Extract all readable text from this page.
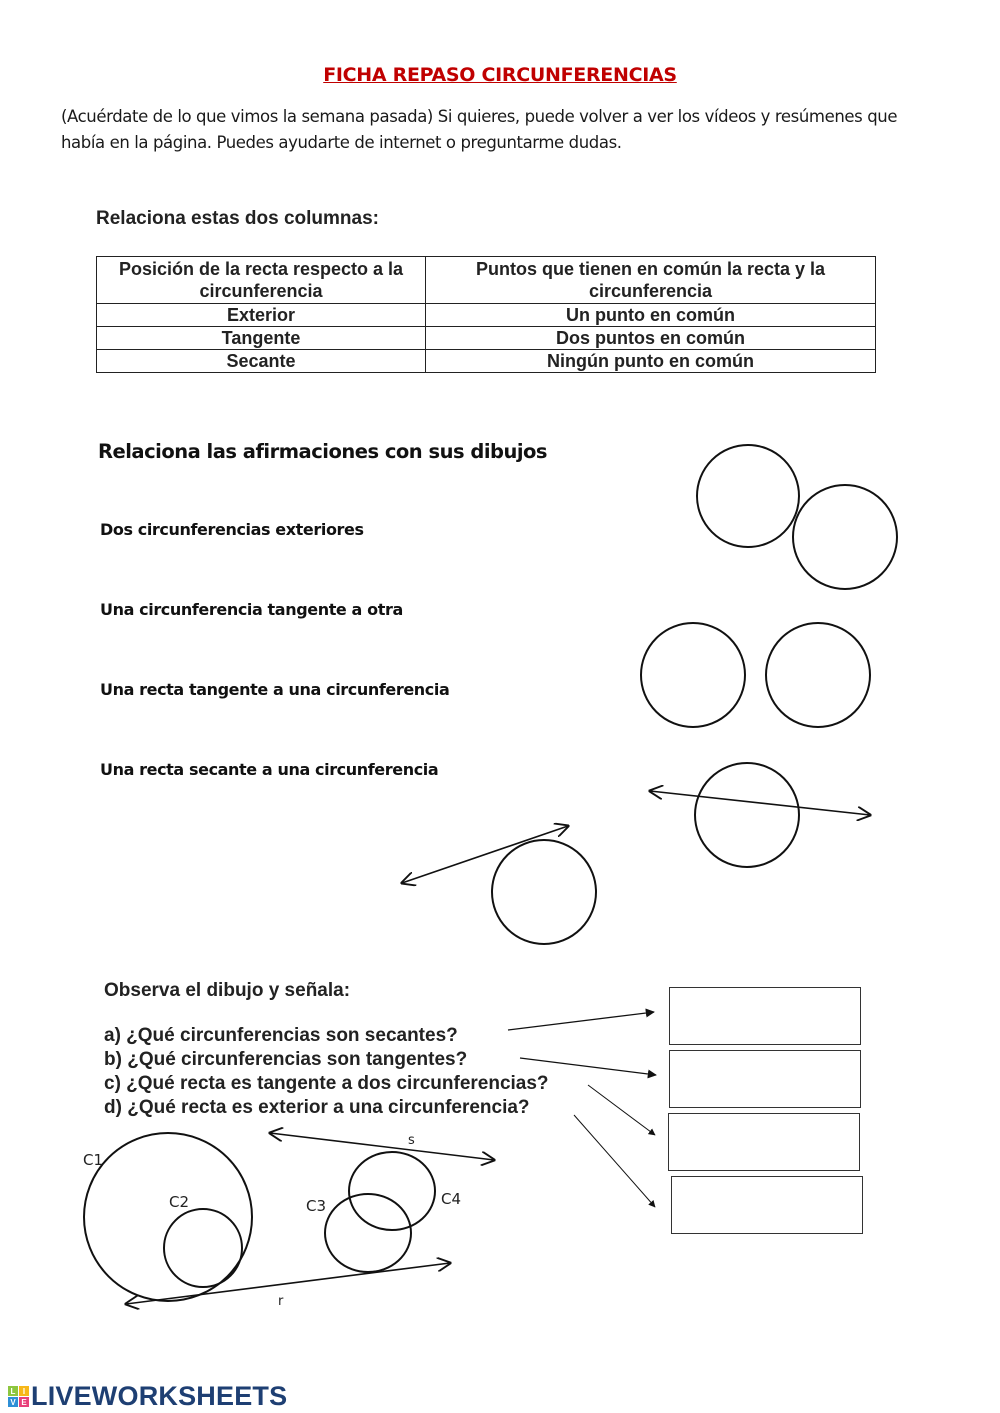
FICHA REPASO CIRCUNFERENCIAS
(Acuérdate de lo que vimos la semana pasada) Si quieres, puede volver a ver los vídeos y resúmenes que había en la página. Puedes ayudarte de internet o preguntarme dudas.
Relaciona estas dos columnas:
Posición de la recta respecto a la circunferencia	Puntos que tienen en común la recta y la circunferencia
Exterior	Un punto en común
Tangente	Dos puntos en común
Secante	Ningún punto en común
Relaciona las afirmaciones con sus dibujos
Dos circunferencias exteriores
Una circunferencia tangente a otra
Una recta tangente a una circunferencia
Una recta secante a una circunferencia
Observa el dibujo y señala:
a) ¿Qué circunferencias son secantes?
b) ¿Qué circunferencias son tangentes?
c) ¿Qué recta es tangente a dos circunferencias?
d) ¿Qué recta es exterior a una circunferencia?
C1
C2	C3	C4
s
r
L I
V E LIVEWORKSHEETS
